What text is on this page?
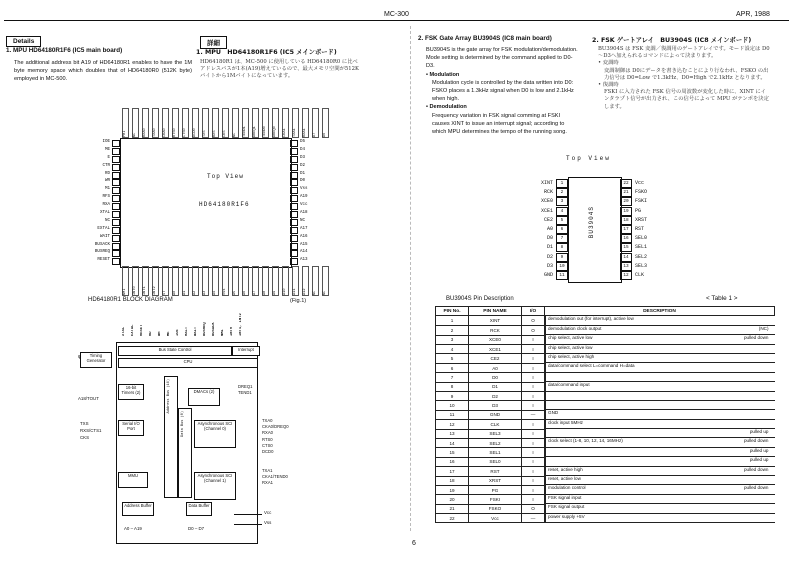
MC-300	APR, 1988
6
Details	詳細
1. MPU HD64180R1F6 (IC5 main board)	1. MPU　HD64180R1F6 (IC5 メインボード)
The additional address bit A19 of HD64180R1 enables to have the 1M byte memory space which doubles that of HD64180R0 (512K byte) employed in MC-500.
HD64180R1 は、MC-500 に使用している HD64180R0 に比べアドレスバスが1本(A19)増えているので、最大メモリ空間が512Kバイトから1Mバイトになっています。
Top View
HD64180R1F6
IOE
ME
E
CTR
RD
WR
M1
RFS
RXA
XTAL
NC
EXTAL
WAIT
BUSACK
BUSREQ
RESET
D5
D4
D3
D2
D1
D0
Vss
A19
Vcc
A18
NC
A17
A16
A15
A14
A13
PHI	NC	RXA0	TXA0	CKA0	RTS0	CTS0	DCD0	TXS	RXS	CKS	NC	TEND1	DREQ1	TEND0	DREQ0	CKA1	TXA1	RXA1	D7	D6
NMI	INT0	INT1	INT2	ST	A0	A1	A2	A3	A4	Vss	A5	A6	A7	A8	A9	A10	A11	A12	NC	NC
HD64180R1 BLOCK DIAGRAM	(Fig.1)
XTAL	EXTAL	RESET	RD	WR	ME	IOE	HALT	WAIT	BUSREQ	BUSACK	NMI	INT0	INT1, INT2
Timing Generator
φ
Bus State Control	Interrupt
CPU
16-bit Timers (2)
A18/TOUT
DMACs (2)
DREQ1
TEND1
Serial I/O Port
TXS
RXS/CTS1
CKS
Address Bus (16)
Data Bus (8)	Asynchronous SCI (Channel 0)
TXA0
CKA0/DREQ0
RXA0
RTS0
CTS0
DCD0
MMU	Asynchronous SCI (Channel 1)
TXA1
CKA1/TEND0
RXA1
Address Buffer	Data Buffer
A0 – A19	D0 – D7
Vcc
Vss
2. FSK Gate Array BU3904S (IC8 main board)	2. FSK ゲートアレイ　BU3904S (IC8 メインボード)
BU3904S is the gate array for FSK modulation/demodulation. Mode setting is determined by the command applied to D0-D3.
• Modulation
Modulation cycle is controlled by the data written into D0: FSKO places a 1.3kHz signal when D0 is low and 2.1kHz when high.
• Demodulation
Frequency variation in FSK signal comming at FSKI causes XINT to issue an interrupt signal; according to which MPU determines the tempo of the running song.
BU3904S は FSK 変調／復調用のゲートアレイです。モード設定は D0～D3へ加えられるコマンドによって決まります。
• 変調時
変調制御は D0にデータを書き込むことにより行なわれ、FSKO の出力信号は D0=Low で1.3kHz、D0=High で2.1kHz となります。
• 復調時
FSKI に入力された FSK 信号の周波数が変化した時に、XINT にインタラプト信号が出力され、この信号によって MPU がテンポを決定します。
Top View
BU3904S
XINT	1
RCK	2
XCE0	3
XCE1	4
CE2	5
A0	6
D0	7
D1	8
D2	9
D3	10
GND	11
22	Vcc
21	FSKO
20	FSKI
19	PG
18	XRST
17	RST
16	SEL0
15	SEL1
14	SEL2
13	SEL3
12	CLK
BU3904S Pin Description	< Table 1 >
PIN No.	PIN NAME	I/O	DESCRIPTION
1	XINT	O		demodulation out (for interrupt), active low

2	RCK	O		demodulation clock output	(NC)

3	XCE0	I		chip select, active low	pulled down

4	XCE1	I		chip select, active low

5	CE2	I		chip select, active high

6	A0	I		data/command select L=command H=data

7	D0	I	

8	D1	I		data/command input

9	D2	I	

10	D3	I	

11	GND	—		GND

12	CLK	I		clock input 5MHz

13	SEL3	I		pulled up

14	SEL2	I		clock select (1-8, 10, 12, 14, 16MHz)	pulled down

15	SEL1	I		pulled up

16	SEL0	I		pulled up

17	RST	I		reset, active high	pulled down

18	XRST	I		reset, active low

19	PG	I		modulation control	pulled down

20	FSKI	I		FSK signal input

21	FSKO	O		FSK signal output

22	Vcc	—		power supply +5V
